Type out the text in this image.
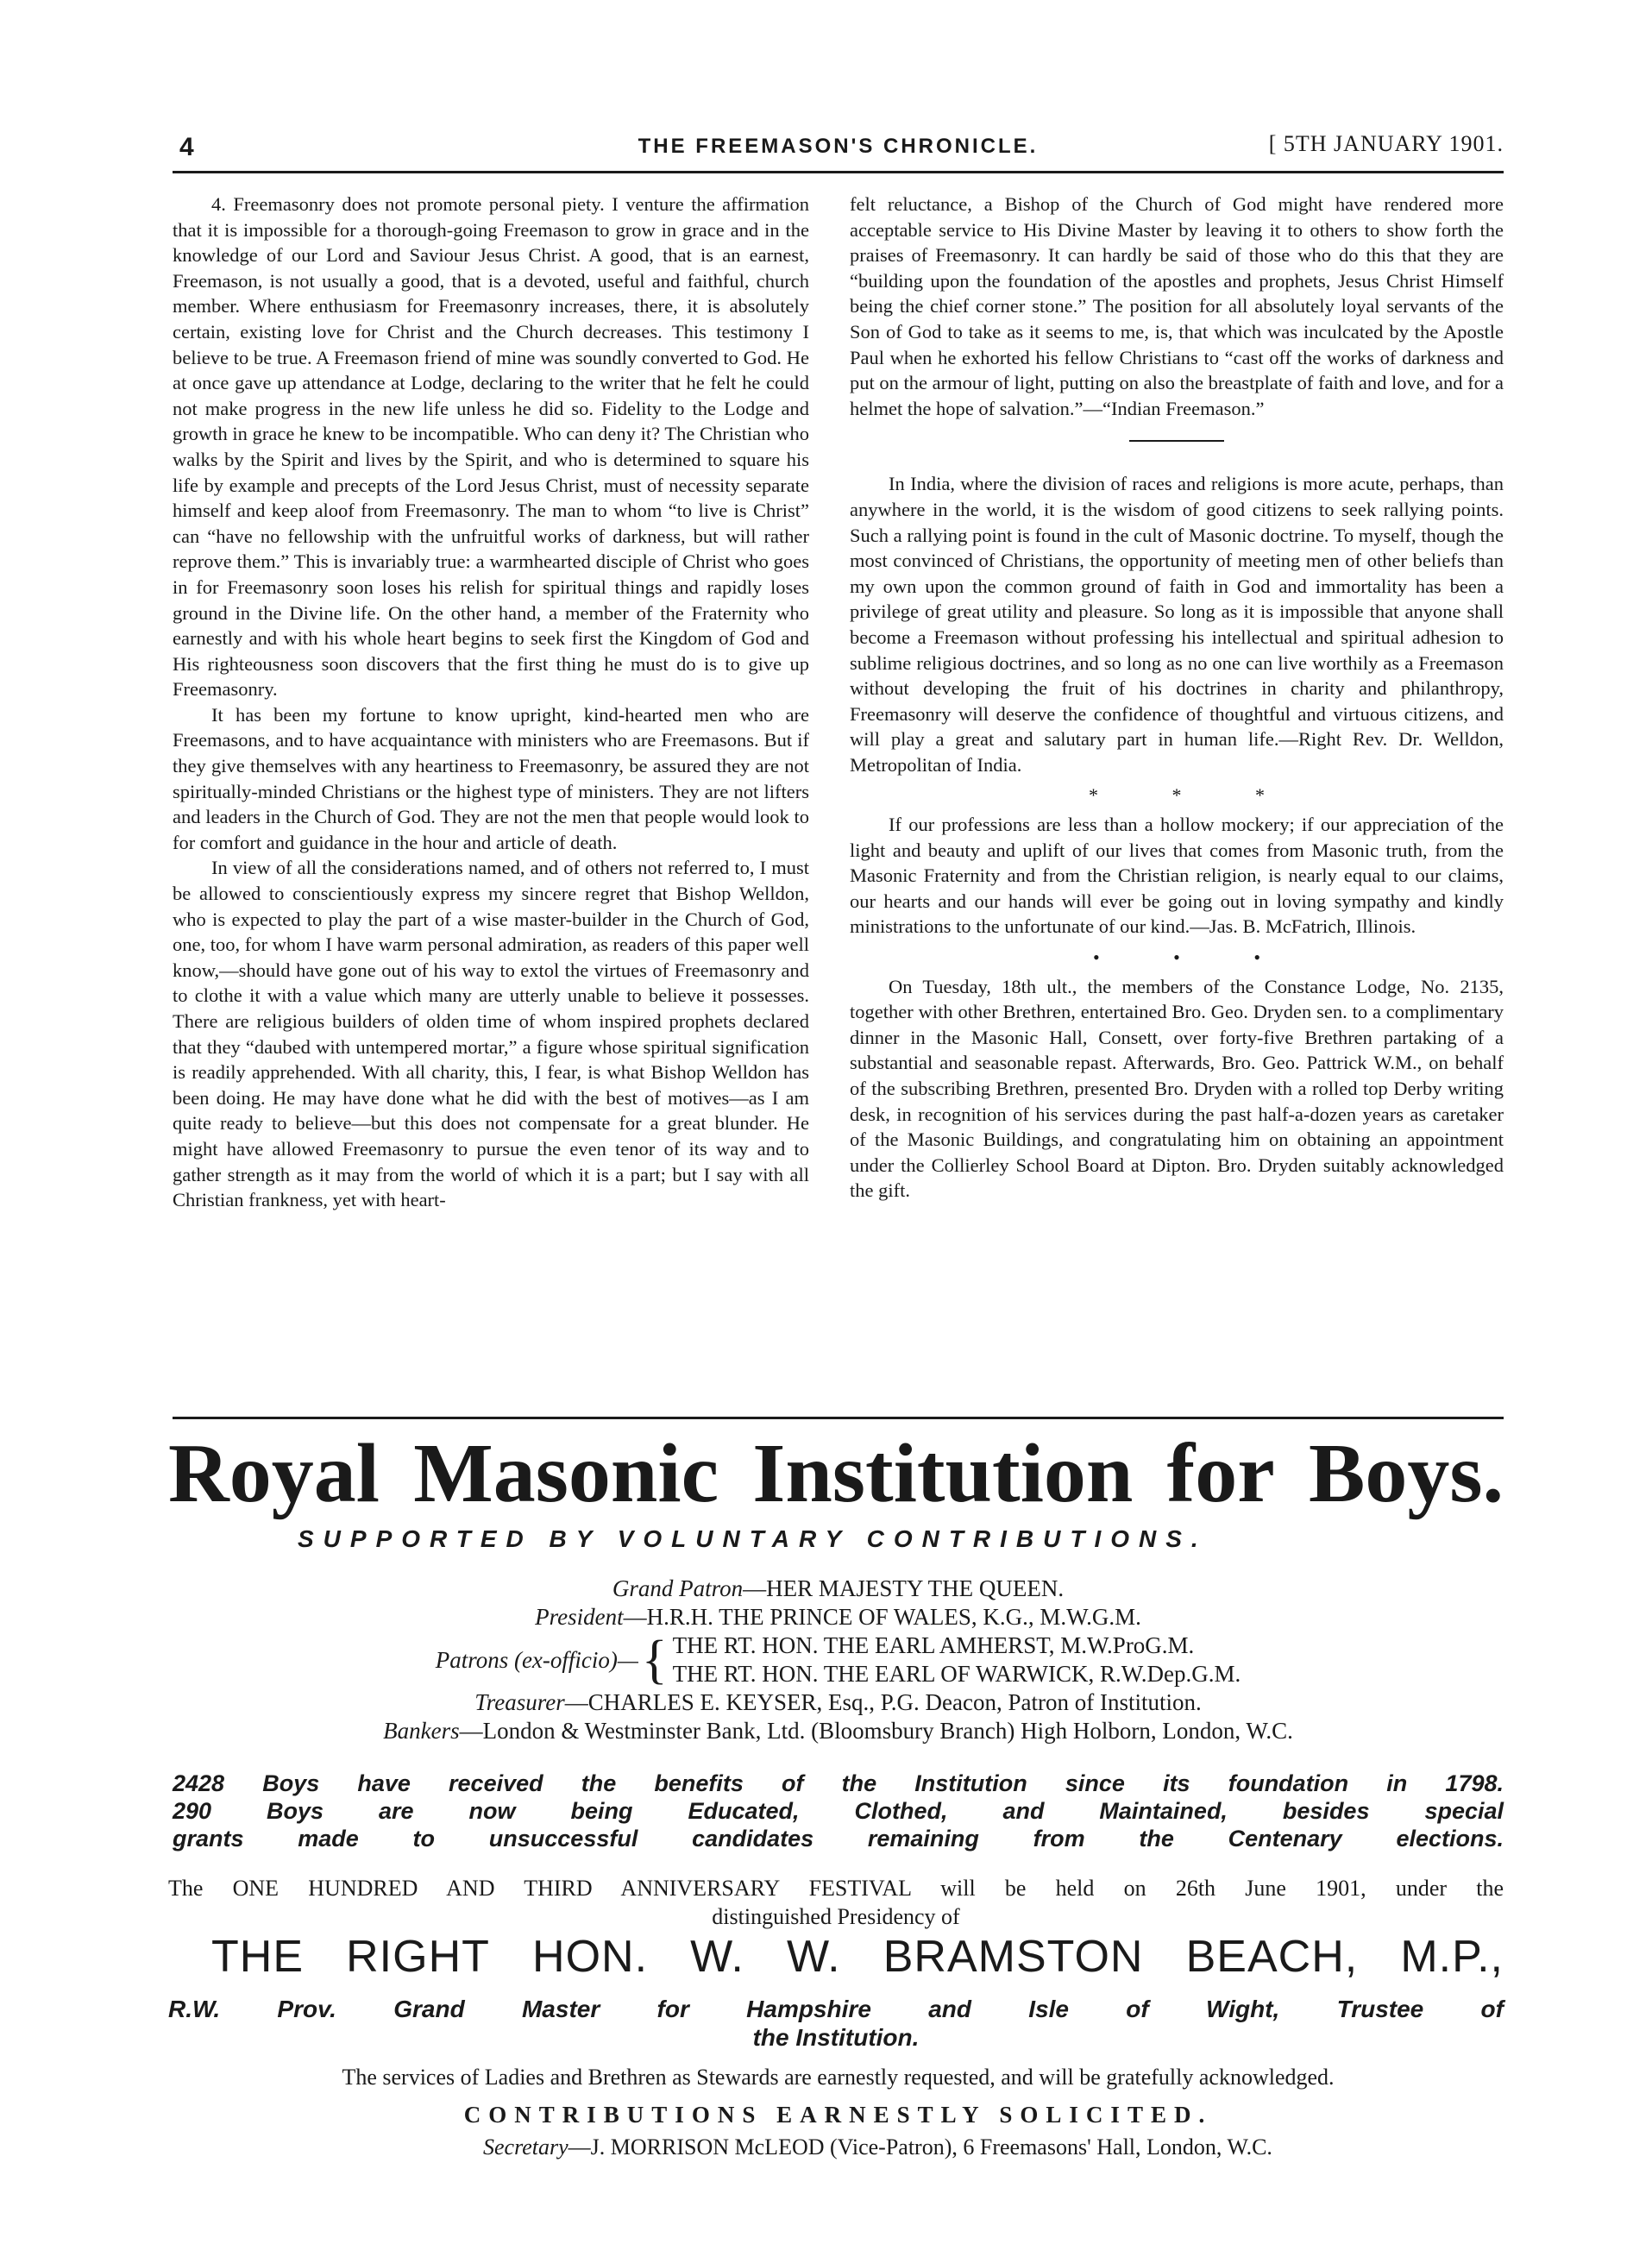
4	THE FREEMASON'S CHRONICLE.	[ 5TH JANUARY 1901.

4. Freemasonry does not promote personal piety. I venture the affirmation that it is impossible for a thorough-going Freemason to grow in grace and in the knowledge of our Lord and Saviour Jesus Christ. A good, that is an earnest, Freemason, is not usually a good, that is a devoted, useful and faithful, church member. Where enthusiasm for Freemasonry increases, there, it is absolutely certain, existing love for Christ and the Church decreases. This testimony I believe to be true. A Freemason friend of mine was soundly converted to God. He at once gave up attendance at Lodge, declaring to the writer that he felt he could not make progress in the new life unless he did so. Fidelity to the Lodge and growth in grace he knew to be incompatible. Who can deny it? The Christian who walks by the Spirit and lives by the Spirit, and who is determined to square his life by example and precepts of the Lord Jesus Christ, must of necessity separate himself and keep aloof from Freemasonry. The man to whom “to live is Christ” can “have no fellowship with the unfruitful works of darkness, but will rather reprove them.” This is invariably true: a warmhearted disciple of Christ who goes in for Freemasonry soon loses his relish for spiritual things and rapidly loses ground in the Divine life. On the other hand, a member of the Fraternity who earnestly and with his whole heart begins to seek first the Kingdom of God and His righteousness soon discovers that the first thing he must do is to give up Freemasonry.

It has been my fortune to know upright, kind-hearted men who are Freemasons, and to have acquaintance with ministers who are Freemasons. But if they give themselves with any heartiness to Freemasonry, be assured they are not spiritually-minded Christians or the highest type of ministers. They are not lifters and leaders in the Church of God. They are not the men that people would look to for comfort and guidance in the hour and article of death.

In view of all the considerations named, and of others not referred to, I must be allowed to conscientiously express my sincere regret that Bishop Welldon, who is expected to play the part of a wise master-builder in the Church of God, one, too, for whom I have warm personal admiration, as readers of this paper well know,—should have gone out of his way to extol the virtues of Freemasonry and to clothe it with a value which many are utterly unable to believe it possesses. There are religious builders of olden time of whom inspired prophets declared that they “daubed with untempered mortar,” a figure whose spiritual signification is readily apprehended. With all charity, this, I fear, is what Bishop Welldon has been doing. He may have done what he did with the best of motives—as I am quite ready to believe—but this does not compensate for a great blunder. He might have allowed Freemasonry to pursue the even tenor of its way and to gather strength as it may from the world of which it is a part; but I say with all Christian frankness, yet with heart-

felt reluctance, a Bishop of the Church of God might have rendered more acceptable service to His Divine Master by leaving it to others to show forth the praises of Freemasonry. It can hardly be said of those who do this that they are “building upon the foundation of the apostles and prophets, Jesus Christ Himself being the chief corner stone.” The position for all absolutely loyal servants of the Son of God to take as it seems to me, is, that which was inculcated by the Apostle Paul when he exhorted his fellow Christians to “cast off the works of darkness and put on the armour of light, putting on also the breastplate of faith and love, and for a helmet the hope of salvation.”—“Indian Freemason.”

In India, where the division of races and religions is more acute, perhaps, than anywhere in the world, it is the wisdom of good citizens to seek rallying points. Such a rallying point is found in the cult of Masonic doctrine. To myself, though the most convinced of Christians, the opportunity of meeting men of other beliefs than my own upon the common ground of faith in God and immortality has been a privilege of great utility and pleasure. So long as it is impossible that anyone shall become a Freemason without professing his intellectual and spiritual adhesion to sublime religious doctrines, and so long as no one can live worthily as a Freemason without developing the fruit of his doctrines in charity and philanthropy, Freemasonry will deserve the confidence of thoughtful and virtuous citizens, and will play a great and salutary part in human life.—Right Rev. Dr. Welldon, Metropolitan of India.

* * *

If our professions are less than a hollow mockery; if our appreciation of the light and beauty and uplift of our lives that comes from Masonic truth, from the Masonic Fraternity and from the Christian religion, is nearly equal to our claims, our hearts and our hands will ever be going out in loving sympathy and kindly ministrations to the unfortunate of our kind.—Jas. B. McFatrich, Illinois.

• • •

On Tuesday, 18th ult., the members of the Constance Lodge, No. 2135, together with other Brethren, entertained Bro. Geo. Dryden sen. to a complimentary dinner in the Masonic Hall, Consett, over forty-five Brethren partaking of a substantial and seasonable repast. Afterwards, Bro. Geo. Pattrick W.M., on behalf of the subscribing Brethren, presented Bro. Dryden with a rolled top Derby writing desk, in recognition of his services during the past half-a-dozen years as caretaker of the Masonic Buildings, and congratulating him on obtaining an appointment under the Collierley School Board at Dipton. Bro. Dryden suitably acknowledged the gift.

Royal Masonic Institution for Boys.
SUPPORTED BY VOLUNTARY CONTRIBUTIONS.
Grand Patron—HER MAJESTY THE QUEEN.
President—H.R.H. THE PRINCE OF WALES, K.G., M.W.G.M.
Patrons (ex-officio)— { THE RT. HON. THE EARL AMHERST, M.W.ProG.M.
THE RT. HON. THE EARL OF WARWICK, R.W.Dep.G.M.
Treasurer—CHARLES E. KEYSER, Esq., P.G. Deacon, Patron of Institution.
Bankers—London & Westminster Bank, Ltd. (Bloomsbury Branch) High Holborn, London, W.C.
2428 Boys have received the benefits of the Institution since its foundation in 1798.
290 Boys are now being Educated, Clothed, and Maintained, besides special
grants made to unsuccessful candidates remaining from the Centenary elections.
The ONE HUNDRED AND THIRD ANNIVERSARY FESTIVAL will be held on 26th June 1901, under the
distinguished Presidency of
THE RIGHT HON. W. W. BRAMSTON BEACH, M.P.,
R.W. Prov. Grand Master for Hampshire and Isle of Wight, Trustee of
the Institution.
The services of Ladies and Brethren as Stewards are earnestly requested, and will be gratefully acknowledged.
CONTRIBUTIONS EARNESTLY SOLICITED.
Secretary—J. MORRISON McLEOD (Vice-Patron), 6 Freemasons' Hall, London, W.C.
